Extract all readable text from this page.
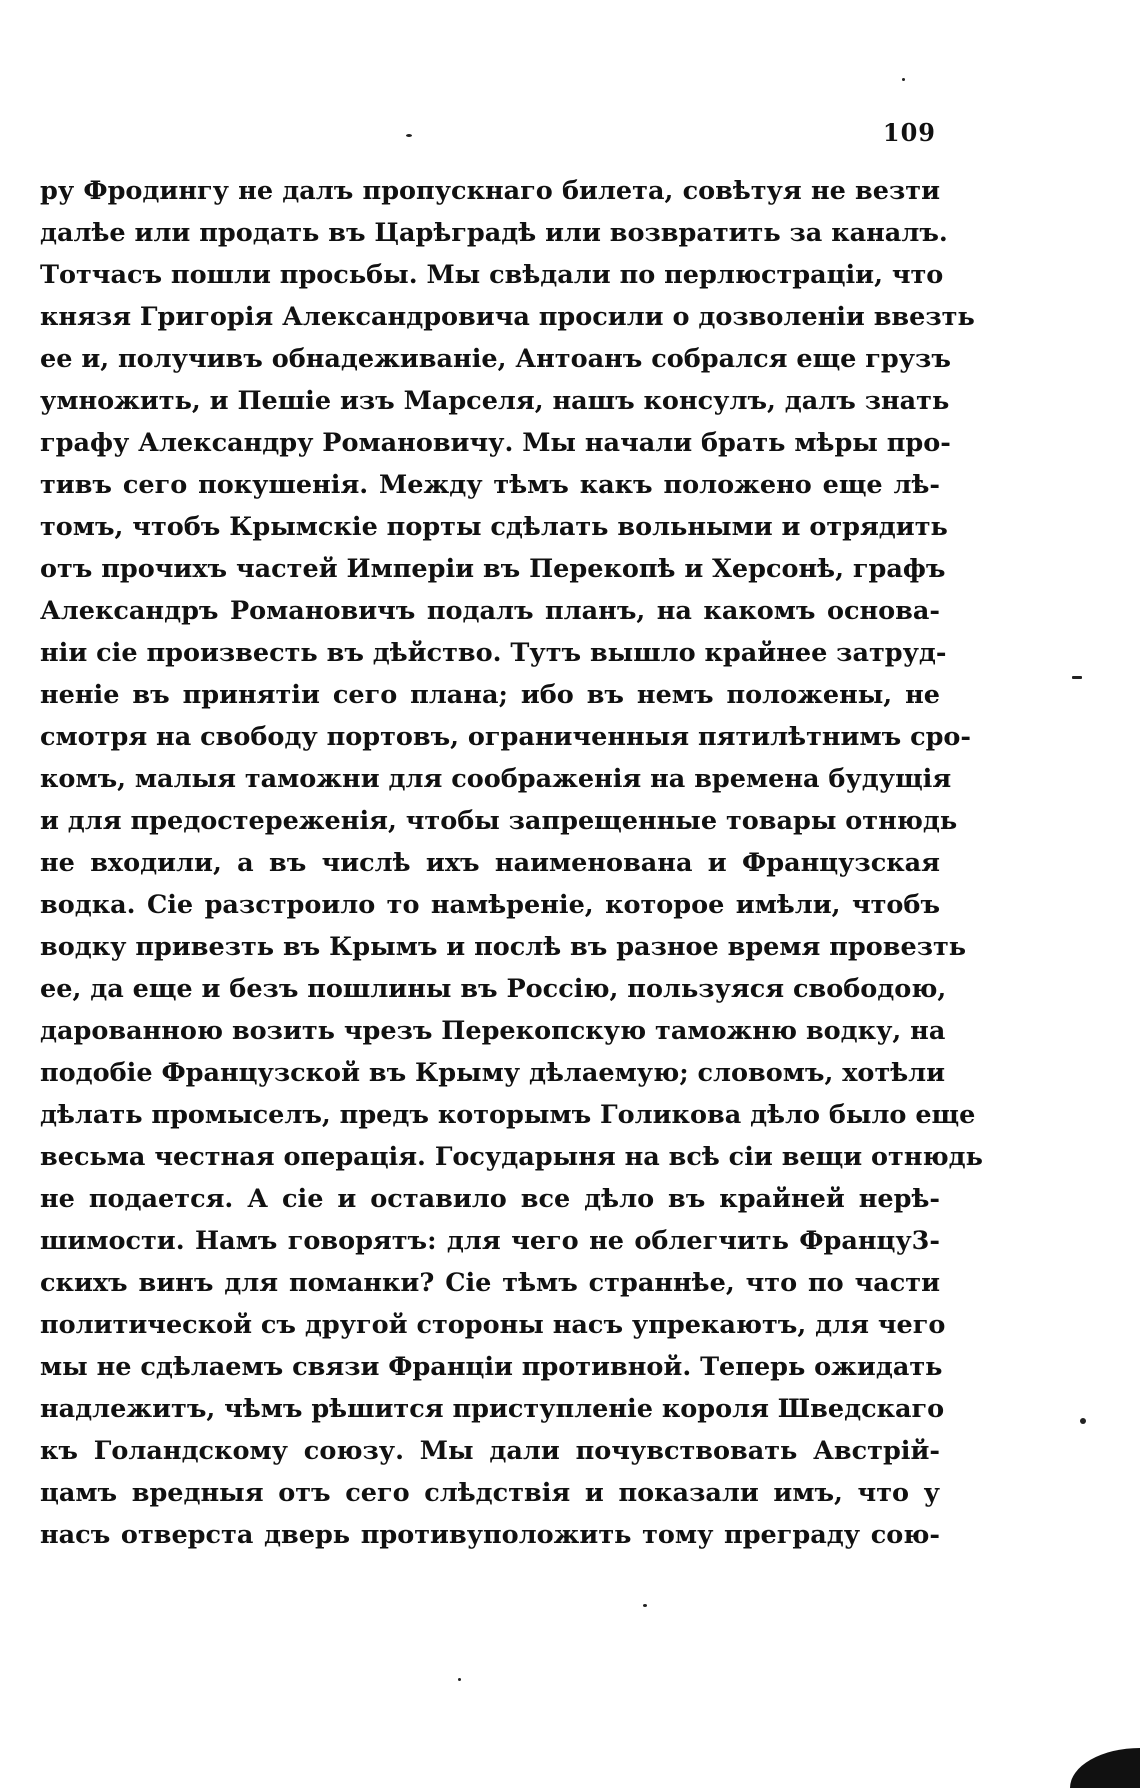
109
ру Фродингу не далъ пропускнаго билета, совѣтуя не везти
далѣе или продать въ Царѣградѣ или возвратить за каналъ.
Тотчасъ пошли просьбы. Мы свѣдали по перлюстраціи, что
князя Григорія Александровича просили о дозволеніи ввезть
ее и, получивъ обнадеживаніе, Антоанъ собрался еще грузъ
умножить, и Пешіе изъ Марселя, нашъ консулъ, далъ знать
графу Александру Романовичу. Мы начали брать мѣры про-
тивъ сего покушенія. Между тѣмъ какъ положено еще лѣ-
томъ, чтобъ Крымскіе порты сдѣлать вольными и отрядить
отъ прочихъ частей Имперіи въ Перекопѣ и Херсонѣ, графъ
Александръ Романовичъ подалъ планъ, на какомъ основа-
ніи сіе произвесть въ дѣйство. Тутъ вышло крайнее затруд-
неніе въ принятіи сего плана; ибо въ немъ положены, не
смотря на свободу портовъ, ограниченныя пятилѣтнимъ сро-
комъ, малыя таможни для соображенія на времена будущія
и для предостереженія, чтобы запрещенные товары отнюдь
не входили, а въ числѣ ихъ наименована и Французская
водка. Сіе разстроило то намѣреніе, которое имѣли, чтобъ
водку привезть въ Крымъ и послѣ въ разное время провезть
ее, да еще и безъ пошлины въ Россію, пользуяся свободою,
дарованною возить чрезъ Перекопскую таможню водку, на
подобіе Французской въ Крыму дѣлаемую; словомъ, хотѣли
дѣлать промыселъ, предъ которымъ Голикова дѣло было еще
весьма честная операція. Государыня на всѣ сіи вещи отнюдь
не подается. А сіе и оставило все дѣло въ крайней нерѣ-
шимости. Намъ говорятъ: для чего не облегчить Францу3-
скихъ винъ для поманки? Сіе тѣмъ страннѣе, что по части
политической съ другой стороны насъ упрекаютъ, для чего
мы не сдѣлаемъ связи Франціи противной. Теперь ожидать
надлежитъ, чѣмъ рѣшится приступленіе короля Шведскаго
къ Голандскому союзу. Мы дали почувствовать Австрій-
цамъ вредныя отъ сего слѣдствія и показали имъ, что у
насъ отверста дверь противуположить тому преграду сою-
